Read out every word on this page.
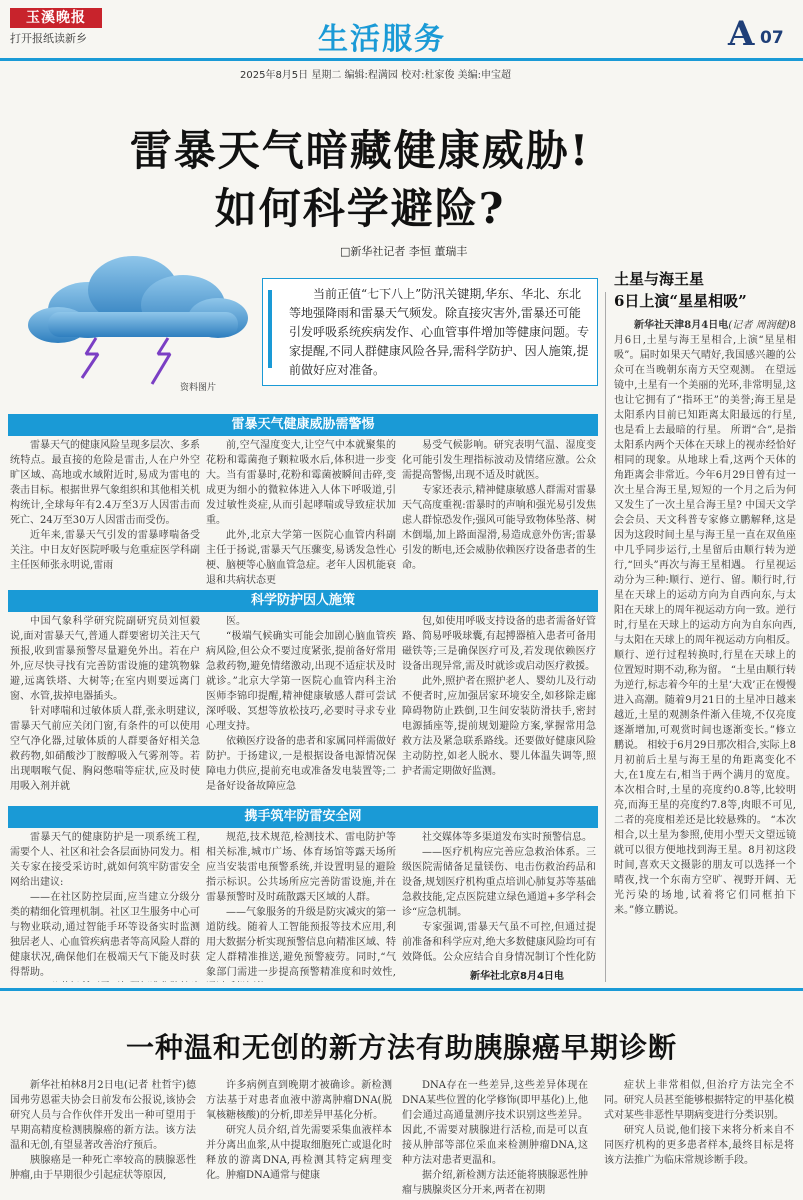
玉溪晚报
打开报纸读新乡	生活服务	A 07
2025年8月5日 星期二 编辑:程满园 校对:杜家俊 美编:申宝超
雷暴天气暗藏健康威胁!
如何科学避险?
□新华社记者 李恒 董瑞丰
资料图片
当前正值“七下八上”防汛关键期,华东、华北、东北等地强降雨和雷暴天气频发。除直接灾害外,雷暴还可能引发呼吸系统疾病发作、心血管事件增加等健康问题。专家提醒,不同人群健康风险各异,需科学防护、因人施策,提前做好应对准备。
雷暴天气健康威胁需警惕

雷暴天气的健康风险呈现多层次、多系统特点。最直接的危险是雷击,人在户外空旷区域、高地或水域附近时,易成为雷电的袭击目标。根据世界气象组织和其他相关机构统计,全球每年有2.4万至3万人因雷击而死亡、24万至30万人因雷击而受伤。

近年来,雷暴天气引发的雷暴哮喘备受关注。中日友好医院呼吸与危重症医学科副主任医师张永明说,雷雨

前,空气湿度变大,让空气中本就聚集的花粉和霉菌孢子颗粒吸水后,体积进一步变大。当有雷暴时,花粉和霉菌被瞬间击碎,变成更为细小的微粒体进入人体下呼吸道,引发过敏性炎症,从而引起哮喘或导致症状加重。

此外,北京大学第一医院心血管内科副主任于扬说,雷暴天气压骤变,易诱发急性心梗、脑梗等心脑血管急症。老年人因机能衰退和共病状态更

易受气候影响。研究表明气温、湿度变化可能引发生理指标波动及情绪应激。公众需提高警惕,出现不适及时就医。

专家还表示,精神健康敏感人群需对雷暴天气高度重视:雷暴时的声响和强光易引发焦虑人群惊恐发作;强风可能导致物体坠落、树木倒塌,加上路面湿滑,易造成意外伤害;雷暴引发的断电,还会威胁依赖医疗设备患者的生命。

科学防护因人施策

中国气象科学研究院副研究员刘恒毅说,面对雷暴天气,普通人群要密切关注天气预报,收到雷暴预警尽量避免外出。若在户外,应尽快寻找有完善防雷设施的建筑物躲避,远离铁塔、大树等;在室内则要远离门窗、水管,拔掉电器插头。

针对哮喘和过敏体质人群,张永明建议,雷暴天气前应关闭门窗,有条件的可以使用空气净化器,过敏体质的人群要备好相关急救药物,如硝酸沙丁胺醇吸入气雾剂等。若出现咽喉气促、胸闷憋喘等症状,应及时使用吸入剂并就

医。

“极端气候确实可能会加剧心脑血管疾病风险,但公众不要过度紧张,提前备好常用急救药物,避免情绪激动,出现不适症状及时就诊。”北京大学第一医院心血管内科主治医师李锦印提醒,精神健康敏感人群可尝试深呼吸、冥想等放松技巧,必要时寻求专业心理支持。

依赖医疗设备的患者和家属同样需做好防护。于扬建议,一是根据设备电源情况保障电力供应,提前充电或准备发电装置等;二是备好设备故障应急

包,如使用呼吸支持设备的患者需备好管路、简易呼吸球囊,有起搏器植入患者可备用磁铁等;三是确保医疗可及,若发现依赖医疗设备出现异常,需及时就诊或启动医疗救援。

此外,照护者在照护老人、婴幼儿及行动不便者时,应加强居家环境安全,如移除走廊障碍物防止跌倒,卫生间安装防滑扶手,密封电源插座等,提前规划避险方案,掌握常用急救方法及紧急联系路线。还要做好健康风险主动防控,如老人脱水、婴儿体温失调等,照护者需定期做好监测。

携手筑牢防雷安全网

雷暴天气的健康防护是一项系统工程,需要个人、社区和社会各层面协同发力。相关专家在接受采访时,就如何筑牢防雷安全网给出建议:

——在社区防控层面,应当建立分级分类的精细化管理机制。社区卫生服务中心可与物业联动,通过智能手环等设备实时监测独居老人、心血管疾病患者等高风险人群的健康状况,确保他们在极端天气下能及时获得帮助。

规范,技术规范,检测技术、雷电防护等相关标准,城市广场、体育场馆等露天场所应当安装雷电预警系统,并设置明显的避险指示标识。公共场所应完善防雷设施,并在雷暴预警时及时疏散露天区域的人群。

——气象服务的升级是防灾减灾的第一道防线。随着人工智能预报等技术应用,利用大数据分析实现预警信息向精准区域、特定人群精准推送,避免预警疲劳。同时,“气象部门需进一步提高预警精准度和时效性,

社交媒体等多渠道发布实时预警信息。

——医疗机构应完善应急救治体系。三级医院需储备足量镁伤、电击伤救治药品和设备,规划医疗机构重点培训心肺复苏等基础急救技能,定点医院建立绿色通道+多学科会诊“应急机制。

专家强调,雷暴天气虽不可控,但通过提前准备和科学应对,绝大多数健康风险均可有效降低。公众应结合自身情况制订个性化防

新华社北京8月4日电
土星与海王星
6日上演“星星相吸”

新华社天津8月4日电(记者 周润健)8月6日,土星与海王星相合,上演“星星相吸”。届时如果天气晴好,我国感兴趣的公众可在当晚朝东南方天空观测。 在望远镜中,土星有一个美丽的光环,非常明显,这也让它拥有了“指环王”的美誉;海王星是太阳系内目前已知距离太阳最远的行星,也是看上去最暗的行星。 所谓“合”,是指太阳系内两个天体在天球上的视赤经恰好相同的现象。从地球上看,这两个天体的角距离会非常近。今年6月29日曾有过一次土星合海王星,短短的一个月之后为何又发生了一次土星合海王星? 中国天文学会会员、天文科普专家修立鹏解释,这是因为这段时间土星与海王星一直在双鱼座中几乎同步运行,土星留后由顺行转为逆行,“回头”再次与海王星相遇。 行星视运动分为三种:顺行、逆行、留。顺行时,行星在天球上的运动方向为自西向东,与太阳在天球上的周年视运动方向一致。逆行时,行星在天球上的运动方向为自东向西,与太阳在天球上的周年视运动方向相反。顺行、逆行过程转换时,行星在天球上的位置短时期不动,称为留。 “土星由顺行转为逆行,标志着今年的土星‘大戏’正在慢慢进入高潮。随着9月21日的土星冲日越来越近,土星的观测条件渐入佳境,不仅亮度逐渐增加,可观赏时间也逐渐变长。”修立鹏说。 相较于6月29日那次相合,实际上8月初前后土星与海王星的角距离变化不大,在1度左右,相当于两个满月的宽度。本次相合时,土星的亮度约0.8等,比较明亮,而海王星的亮度约7.8等,肉眼不可见,二者的亮度相差还是比较悬殊的。 “本次相合,以土星为参照,使用小型天文望远镜就可以很方便地找到海王星。8月初这段时间,喜欢天文摄影的朋友可以选择一个晴夜,找一个东南方空旷、视野开阔、无光污染的场地,试着将它们同框拍下来。”修立鹏说。

一种温和无创的新方法有助胰腺癌早期诊断

新华社柏林8月2日电(记者 杜哲宇)德国弗劳恩霍夫协会日前发布公报说,该协会研究人员与合作伙伴开发出一种可望用于早期高精度检测胰腺癌的新方法。该方法温和无创,有望显著改善治疗预后。

胰腺癌是一种死亡率较高的胰腺恶性肿瘤,由于早期很少引起症状等原因,

许多病例直到晚期才被确诊。新检测方法基于对患者血液中游离肿瘤DNA(脱氧核糖核酸)的分析,即差异甲基化分析。

研究人员介绍,首先需要采集血液样本并分离出血浆,从中提取细胞死亡或退化时释放的游离DNA,再检测其特定病理变化。肿瘤DNA通常与健康

DNA存在一些差异,这些差异体现在DNA某些位置的化学修饰(即甲基化)上,他们会通过高通量测序技术识别这些差异。因此,不需要对胰腺进行活检,而是可以直接从肿部等部位采血来检测肿瘤DNA,这种方法对患者更温和。

据介绍,新检测方法还能将胰腺恶性肿瘤与胰腺炎区分开来,两者在初期

症状上非常相似,但治疗方法完全不同。研究人员甚至能够根据特定的甲基化模式对某些非恶性早期病变进行分类识别。

研究人员说,他们接下来将分析来自不同医疗机构的更多患者样本,最终目标是将该方法推广为临床常规诊断手段。
